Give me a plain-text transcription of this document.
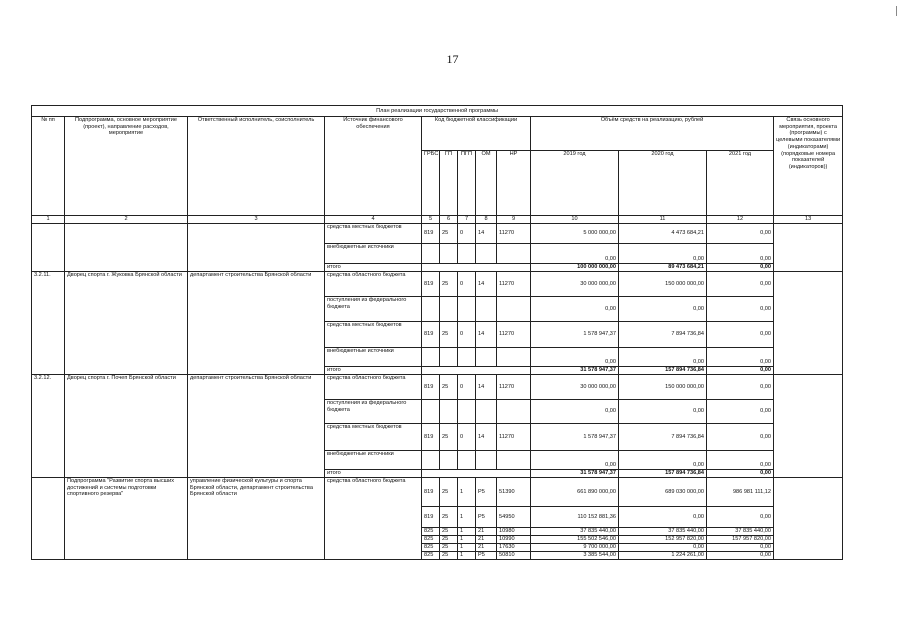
17
План реализации государственной программы												
№ пп	Подпрограмма, основное мероприятие (проект), направление расходов, мероприятие	Ответственный исполнитель, соисполнитель	Источник финансового обеспечения	Код бюджетной классификации					Объём средств на реализацию, рублей			Связь основного мероприятия, проекта (программы) с целевыми показателями (индикаторами) (порядковые номера показателей (индикаторов))
				ГРБС	ГП	ПГП	ОМ	НР	2019 год	2020 год	2021 год	
1	2	3	4	5	6	7	8	9	10	11	12	13
			средства местных бюджетов	819	25	0	14	11270	5 000 000,00	4 473 684,21	0,00	
			внебюджетные источники						0,00	0,00	0,00	
			итого						100 000 000,00	89 473 684,21	0,00	
3.2.11.	Дворец спорта г. Жуковка Брянской области	департамент строительства Брянской области	средства областного бюджета	819	25	0	14	11270	30 000 000,00	150 000 000,00	0,00	
			поступления из федерального бюджета						0,00	0,00	0,00	
			средства местных бюджетов	819	25	0	14	11270	1 578 947,37	7 894 736,84	0,00	
			внебюджетные источники						0,00	0,00	0,00	
			итого						31 578 947,37	157 894 736,84	0,00	
3.2.12.	Дворец спорта г. Почеп Брянской области	департамент строительства Брянской области	средства областного бюджета	819	25	0	14	11270	30 000 000,00	150 000 000,00	0,00	
			поступления из федерального бюджета						0,00	0,00	0,00	
			средства местных бюджетов	819	25	0	14	11270	1 578 947,37	7 894 736,84	0,00	
			внебюджетные источники						0,00	0,00	0,00	
			итого						31 578 947,37	157 894 736,84	0,00	
	Подпрограмма "Развитие спорта высших достижений и системы подготовки спортивного резерва"	управление физической культуры и спорта Брянской области, департамент строительства Брянской области	средства областного бюджета	819	25	1	P5	51390	661 890 000,00	689 030 000,00	986 981 111,12	
				819	25	1	P5	54950	110 152 881,36	0,00	0,00	
				825	25	1	21	10980	37 835 440,00	37 835 440,00	37 835 440,00	
				825	25	1	21	10990	155 502 546,00	152 957 820,00	157 957 820,00	
				825	25	1	21	17630	9 700 000,00	0,00	0,00	
				825	25	1	P5	50810	3 385 544,00	1 224 261,00	0,00	
